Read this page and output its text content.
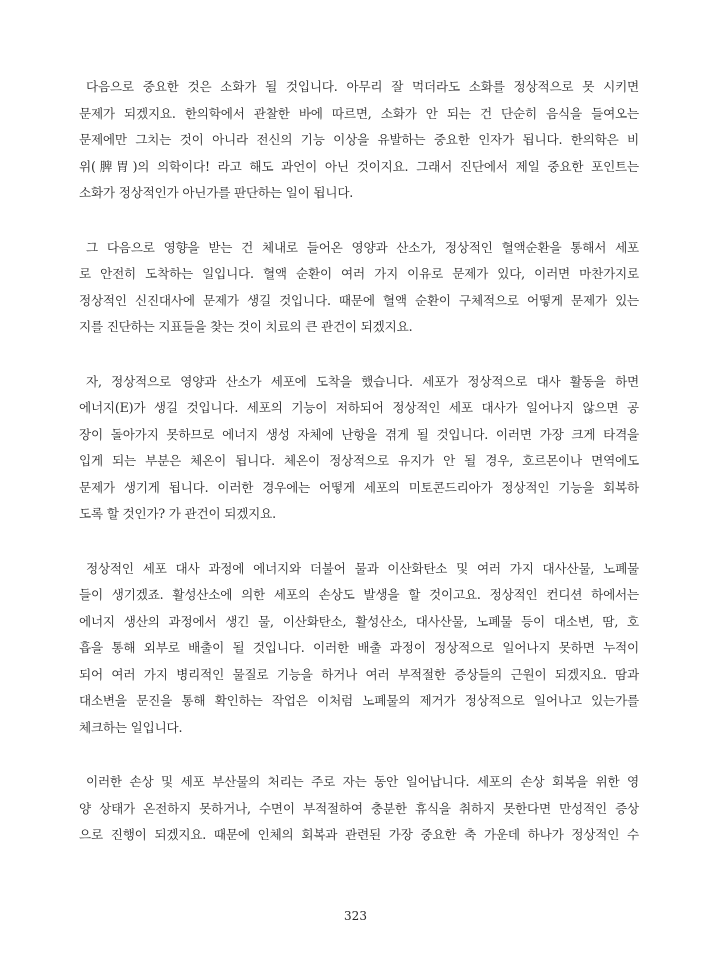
다음으로 중요한 것은 소화가 될 것입니다. 아무리 잘 먹더라도 소화를 정상적으로 못 시키면
문제가 되겠지요. 한의학에서 관찰한 바에 따르면, 소화가 안 되는 건 단순히 음식을 들여오는
문제에만 그치는 것이 아니라 전신의 기능 이상을 유발하는 중요한 인자가 됩니다. 한의학은 비
위(脾胃)의 의학이다! 라고 해도 과언이 아닌 것이지요. 그래서 진단에서 제일 중요한 포인트는
소화가 정상적인가 아닌가를 판단하는 일이 됩니다.
그 다음으로 영향을 받는 건 체내로 들어온 영양과 산소가, 정상적인 혈액순환을 통해서 세포
로 안전히 도착하는 일입니다. 혈액 순환이 여러 가지 이유로 문제가 있다, 이러면 마찬가지로
정상적인 신진대사에 문제가 생길 것입니다. 때문에 혈액 순환이 구체적으로 어떻게 문제가 있는
지를 진단하는 지표들을 찾는 것이 치료의 큰 관건이 되겠지요.
자, 정상적으로 영양과 산소가 세포에 도착을 했습니다. 세포가 정상적으로 대사 활동을 하면
에너지(E)가 생길 것입니다. 세포의 기능이 저하되어 정상적인 세포 대사가 일어나지 않으면 공
장이 돌아가지 못하므로 에너지 생성 자체에 난항을 겪게 될 것입니다. 이러면 가장 크게 타격을
입게 되는 부분은 체온이 됩니다. 체온이 정상적으로 유지가 안 될 경우, 호르몬이나 면역에도
문제가 생기게 됩니다. 이러한 경우에는 어떻게 세포의 미토콘드리아가 정상적인 기능을 회복하
도록 할 것인가? 가 관건이 되겠지요.
정상적인 세포 대사 과정에 에너지와 더불어 물과 이산화탄소 및 여러 가지 대사산물, 노폐물
들이 생기겠죠. 활성산소에 의한 세포의 손상도 발생을 할 것이고요. 정상적인 컨디션 하에서는
에너지 생산의 과정에서 생긴 물, 이산화탄소, 활성산소, 대사산물, 노폐물 등이 대소변, 땀, 호
흡을 통해 외부로 배출이 될 것입니다. 이러한 배출 과정이 정상적으로 일어나지 못하면 누적이
되어 여러 가지 병리적인 물질로 기능을 하거나 여러 부적절한 증상들의 근원이 되겠지요. 땀과
대소변을 문진을 통해 확인하는 작업은 이처럼 노폐물의 제거가 정상적으로 일어나고 있는가를
체크하는 일입니다.
이러한 손상 및 세포 부산물의 처리는 주로 자는 동안 일어납니다. 세포의 손상 회복을 위한 영
양 상태가 온전하지 못하거나, 수면이 부적절하여 충분한 휴식을 취하지 못한다면 만성적인 증상
으로 진행이 되겠지요. 때문에 인체의 회복과 관련된 가장 중요한 축 가운데 하나가 정상적인 수
323
